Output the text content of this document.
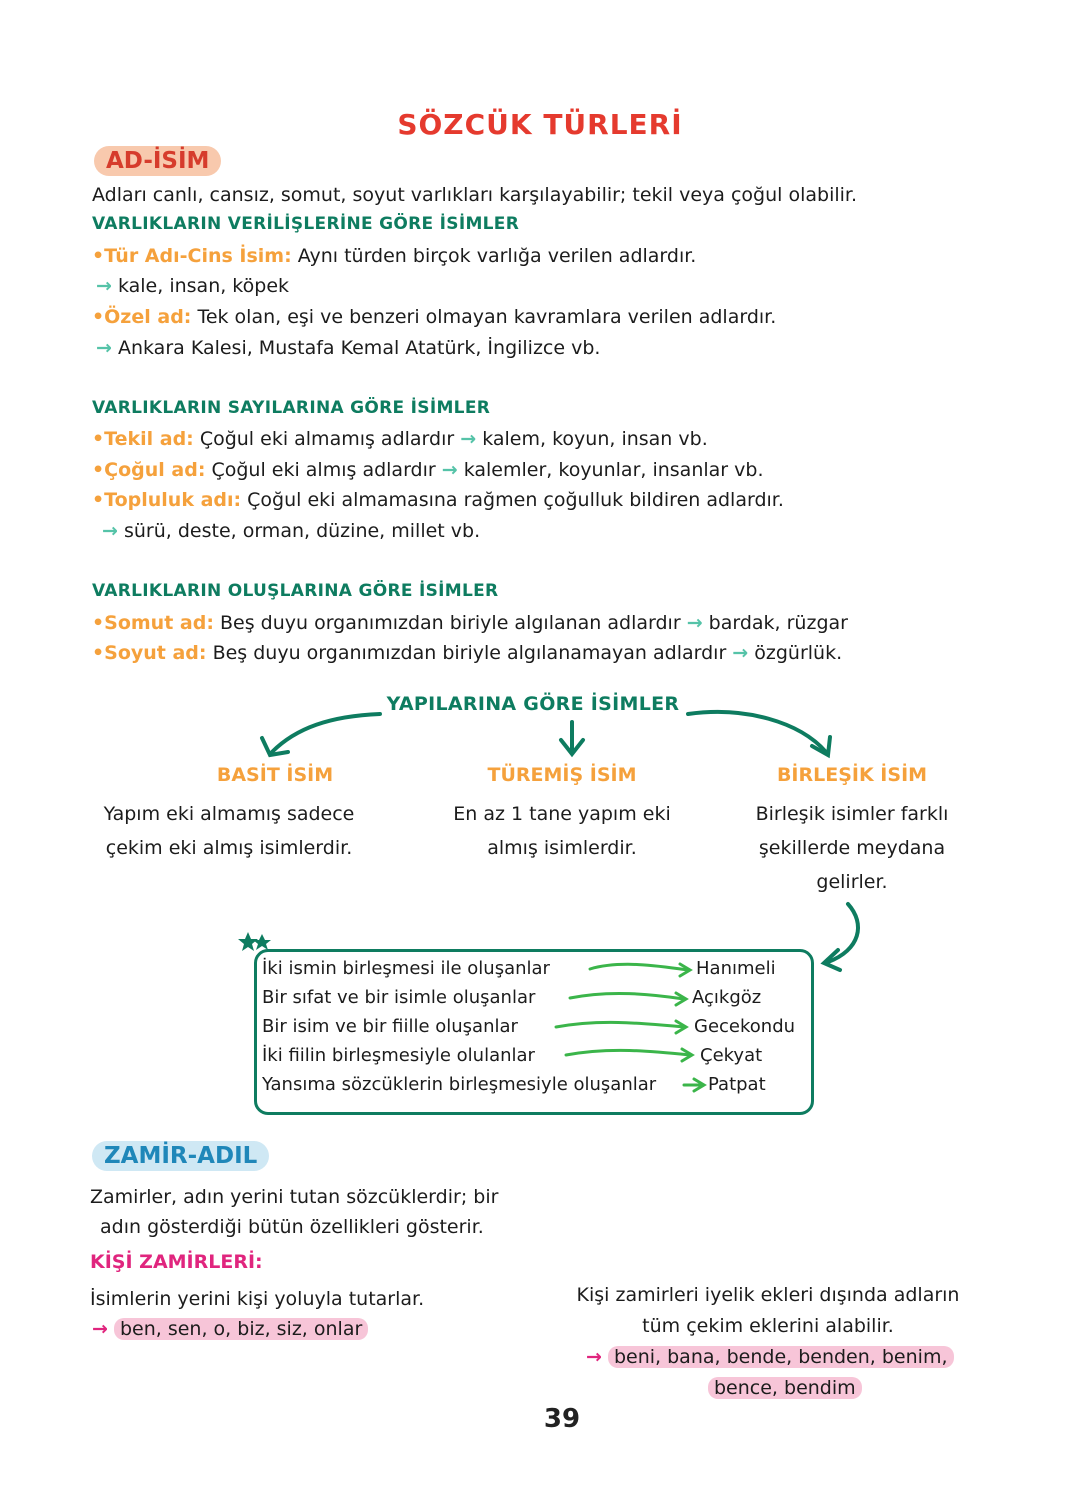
SÖZCÜK TÜRLERİ
AD-İSİM
Adları canlı, cansız, somut, soyut varlıkları karşılayabilir; tekil veya çoğul olabilir.
VARLIKLARIN VERİLİŞLERİNE GÖRE İSİMLER
•Tür Adı-Cins İsim: Aynı türden birçok varlığa verilen adlardır.
→ kale, insan, köpek
•Özel ad: Tek olan, eşi ve benzeri olmayan kavramlara verilen adlardır.
→ Ankara Kalesi, Mustafa Kemal Atatürk, İngilizce vb.
VARLIKLARIN SAYILARINA GÖRE İSİMLER
•Tekil ad: Çoğul eki almamış adlardır → kalem, koyun, insan vb.
•Çoğul ad: Çoğul eki almış adlardır → kalemler, koyunlar, insanlar vb.
•Topluluk adı: Çoğul eki almamasına rağmen çoğulluk bildiren adlardır.
→ sürü, deste, orman, düzine, millet vb.
VARLIKLARIN OLUŞLARINA GÖRE İSİMLER
•Somut ad: Beş duyu organımızdan biriyle algılanan adlardır → bardak, rüzgar
•Soyut ad: Beş duyu organımızdan biriyle algılanamayan adlardır → özgürlük.
YAPILARINA GÖRE İSİMLER
BASİT İSİM
Yapım eki almamış sadece çekim eki almış isimlerdir.
TÜREMİŞ İSİM
En az 1 tane yapım eki almış isimlerdir.
BİRLEŞİK İSİM
Birleşik isimler farklı şekillerde meydana gelirler.
İki ismin birleşmesi ile oluşanlar
Bir sıfat ve bir isimle oluşanlar
Bir isim ve bir fiille oluşanlar
İki fiilin birleşmesiyle olulanlar
Yansıma sözcüklerin birleşmesiyle oluşanlar
Hanımeli
Açıkgöz
Gecekondu
Çekyat
Patpat
ZAMİR-ADIL
Zamirler, adın yerini tutan sözcüklerdir; bir
adın gösterdiği bütün özellikleri gösterir.
KİŞİ ZAMİRLERİ:
İsimlerin yerini kişi yoluyla tutarlar.
→ ben, sen, o, biz, siz, onlar
Kişi zamirleri iyelik ekleri dışında adların
tüm çekim eklerini alabilir.
→ beni, bana, bende, benden, benim,
bence, bendim
39
